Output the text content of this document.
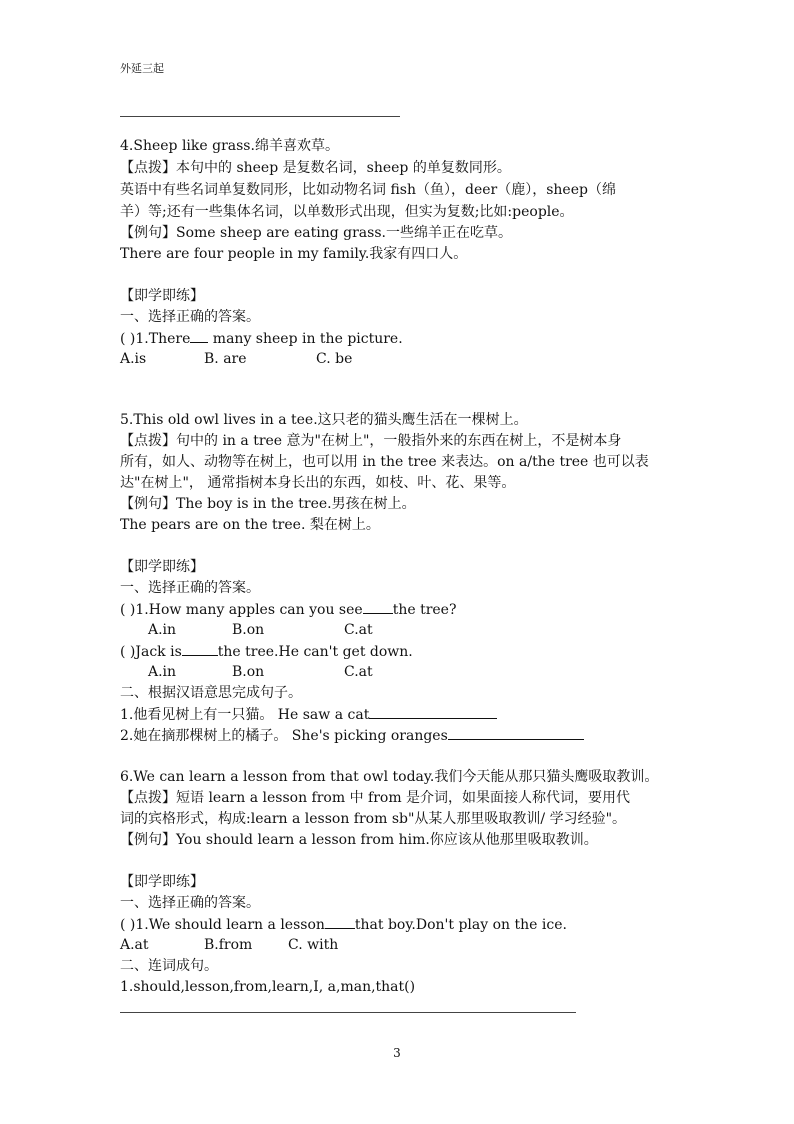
外延三起
4.Sheep like grass.绵羊喜欢草。
【点拨】本句中的 sheep 是复数名词，sheep 的单复数同形。
英语中有些名词单复数同形，比如动物名词 fish（鱼），deer（鹿），sheep（绵
羊）等;还有一些集体名词，以单数形式出现，但实为复数;比如:people。
【例句】Some sheep are eating grass.一些绵羊正在吃草。
There are four people in my family.我家有四口人。
【即学即练】
一、选择正确的答案。
( )1.There many sheep in the picture.
A.is	B. are	C. be
5.This old owl lives in a tee.这只老的猫头鹰生活在一棵树上。
【点拨】句中的 in a tree 意为"在树上"，一般指外来的东西在树上，不是树本身
所有，如人、动物等在树上，也可以用 in the tree 来表达。on a/the tree 也可以表
达"在树上"， 通常指树本身长出的东西，如枝、叶、花、果等。
【例句】The boy is in the tree.男孩在树上。
The pears are on the tree. 梨在树上。
【即学即练】
一、选择正确的答案。
( )1.How many apples can you see the tree?
A.in	B.on	C.at
( )Jack is	the tree.He can't get down.
A.in	B.on	C.at
二、根据汉语意思完成句子。
1.他看见树上有一只猫。 He saw a cat
2.她在摘那棵树上的橘子。 She's picking oranges
6.We can learn a lesson from that owl today.我们今天能从那只猫头鹰吸取教训。
【点拨】短语 learn a lesson from 中 from 是介词，如果面接人称代词，要用代
词的宾格形式，构成:learn a lesson from sb"从某人那里吸取教训/ 学习经验"。
【例句】You should learn a lesson from him.你应该从他那里吸取教训。
【即学即练】
一、选择正确的答案。
( )1.We should learn a lesson that boy.Don't play on the ice.
A.at	B.from	C. with
二、连词成句。
1.should,lesson,from,learn,I, a,man,that()
3
